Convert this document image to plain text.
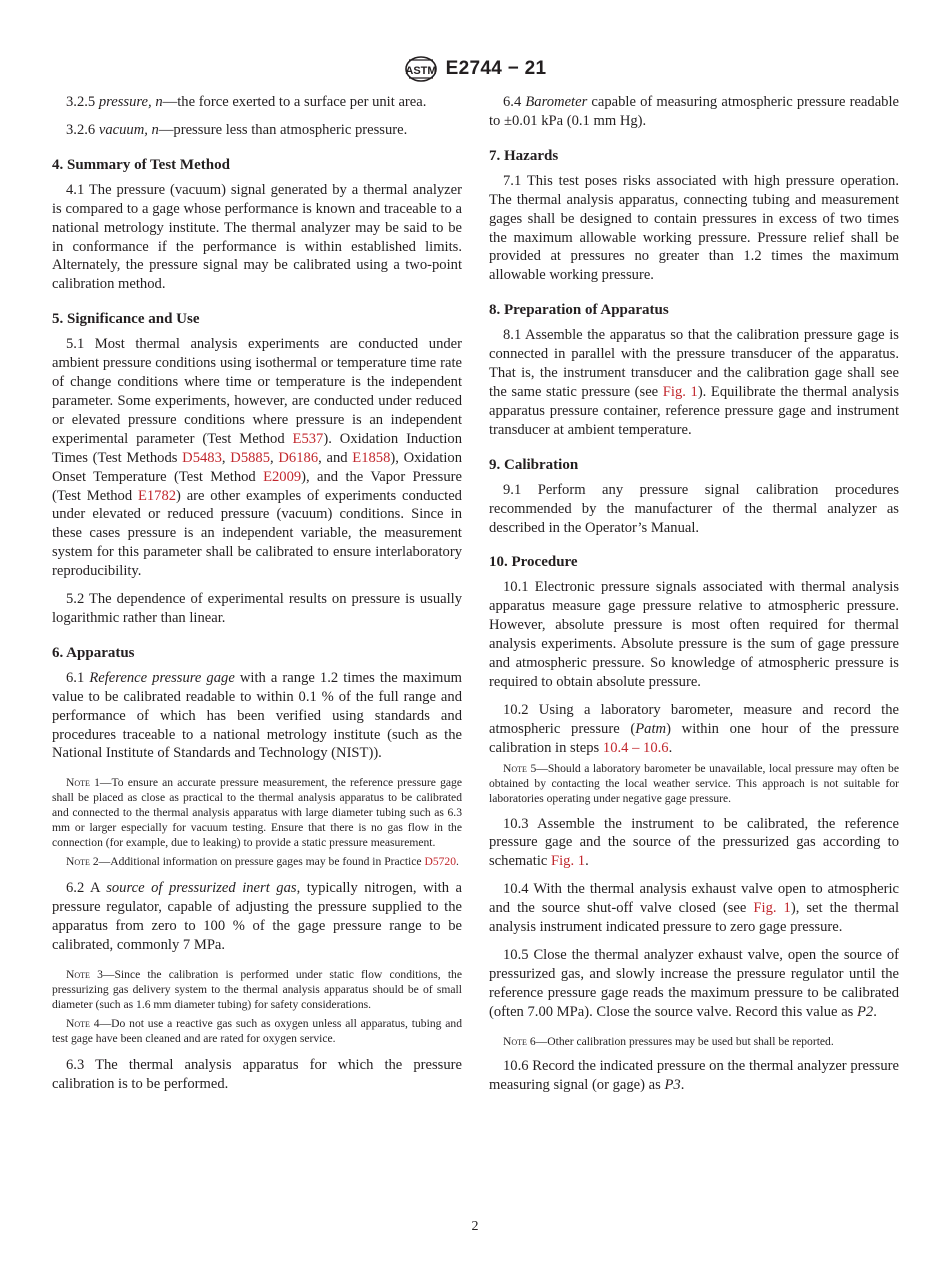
ASTM E2744 − 21

3.2.5 pressure, n—the force exerted to a surface per unit area.

3.2.6 vacuum, n—pressure less than atmospheric pressure.

4. Summary of Test Method

4.1 The pressure (vacuum) signal generated by a thermal analyzer is compared to a gage whose performance is known and traceable to a national metrology institute. The thermal analyzer may be said to be in conformance if the performance is within established limits. Alternately, the pressure signal may be calibrated using a two-point calibration method.

5. Significance and Use

5.1 Most thermal analysis experiments are conducted under ambient pressure conditions using isothermal or temperature time rate of change conditions where time or temperature is the independent parameter. Some experiments, however, are conducted under reduced or elevated pressure conditions where pressure is an independent experimental parameter (Test Method E537). Oxidation Induction Times (Test Methods D5483, D5885, D6186, and E1858), Oxidation Onset Temperature (Test Method E2009), and the Vapor Pressure (Test Method E1782) are other examples of experiments conducted under elevated or reduced pressure (vacuum) conditions. Since in these cases pressure is an independent variable, the measurement system for this parameter shall be calibrated to ensure interlaboratory reproducibility.

5.2 The dependence of experimental results on pressure is usually logarithmic rather than linear.

6. Apparatus

6.1 Reference pressure gage with a range 1.2 times the maximum value to be calibrated readable to within 0.1 % of the full range and performance of which has been verified using standards and procedures traceable to a national metrology institute (such as the National Institute of Standards and Technology (NIST)).

Note 1—To ensure an accurate pressure measurement, the reference pressure gage shall be placed as close as practical to the thermal analysis apparatus to be calibrated and connected to the thermal analysis apparatus with large diameter tubing such as 6.3 mm or larger especially for vacuum testing. Ensure that there is no gas flow in the connection (for example, due to leaking) to provide a static pressure measurement.
Note 2—Additional information on pressure gages may be found in Practice D5720.

6.2 A source of pressurized inert gas, typically nitrogen, with a pressure regulator, capable of adjusting the pressure supplied to the apparatus from zero to 100 % of the gage pressure range to be calibrated, commonly 7 MPa.

Note 3—Since the calibration is performed under static flow conditions, the pressurizing gas delivery system to the thermal analysis apparatus should be of small diameter (such as 1.6 mm diameter tubing) for safety considerations.
Note 4—Do not use a reactive gas such as oxygen unless all apparatus, tubing and test gage have been cleaned and are rated for oxygen service.

6.3 The thermal analysis apparatus for which the pressure calibration is to be performed.

6.4 Barometer capable of measuring atmospheric pressure readable to ±0.01 kPa (0.1 mm Hg).

7. Hazards

7.1 This test poses risks associated with high pressure operation. The thermal analysis apparatus, connecting tubing and measurement gages shall be designed to contain pressures in excess of two times the maximum allowable working pressure. Pressure relief shall be provided at pressures no greater than 1.2 times the maximum allowable working pressure.

8. Preparation of Apparatus

8.1 Assemble the apparatus so that the calibration pressure gage is connected in parallel with the pressure transducer of the apparatus. That is, the instrument transducer and the calibration gage shall see the same static pressure (see Fig. 1). Equilibrate the thermal analysis apparatus pressure container, reference pressure gage and instrument transducer at ambient temperature.

9. Calibration

9.1 Perform any pressure signal calibration procedures recommended by the manufacturer of the thermal analyzer as described in the Operator’s Manual.

10. Procedure

10.1 Electronic pressure signals associated with thermal analysis apparatus measure gage pressure relative to atmospheric pressure. However, absolute pressure is most often required for thermal analysis experiments. Absolute pressure is the sum of gage pressure and atmospheric pressure. So knowledge of atmospheric pressure is required to obtain absolute pressure.

10.2 Using a laboratory barometer, measure and record the atmospheric pressure (Patm) within one hour of the pressure calibration in steps 10.4 – 10.6.

Note 5—Should a laboratory barometer be unavailable, local pressure may often be obtained by contacting the local weather service. This approach is not suitable for laboratories operating under negative gage pressure.

10.3 Assemble the instrument to be calibrated, the reference pressure gage and the source of the pressurized gas according to schematic Fig. 1.

10.4 With the thermal analysis exhaust valve open to atmospheric and the source shut-off valve closed (see Fig. 1), set the thermal analysis instrument indicated pressure to zero gage pressure.

10.5 Close the thermal analyzer exhaust valve, open the source of pressurized gas, and slowly increase the pressure regulator until the reference pressure gage reads the maximum pressure to be calibrated (often 7.00 MPa). Close the source valve. Record this value as P2.

Note 6—Other calibration pressures may be used but shall be reported.

10.6 Record the indicated pressure on the thermal analyzer pressure measuring signal (or gage) as P3.

2
